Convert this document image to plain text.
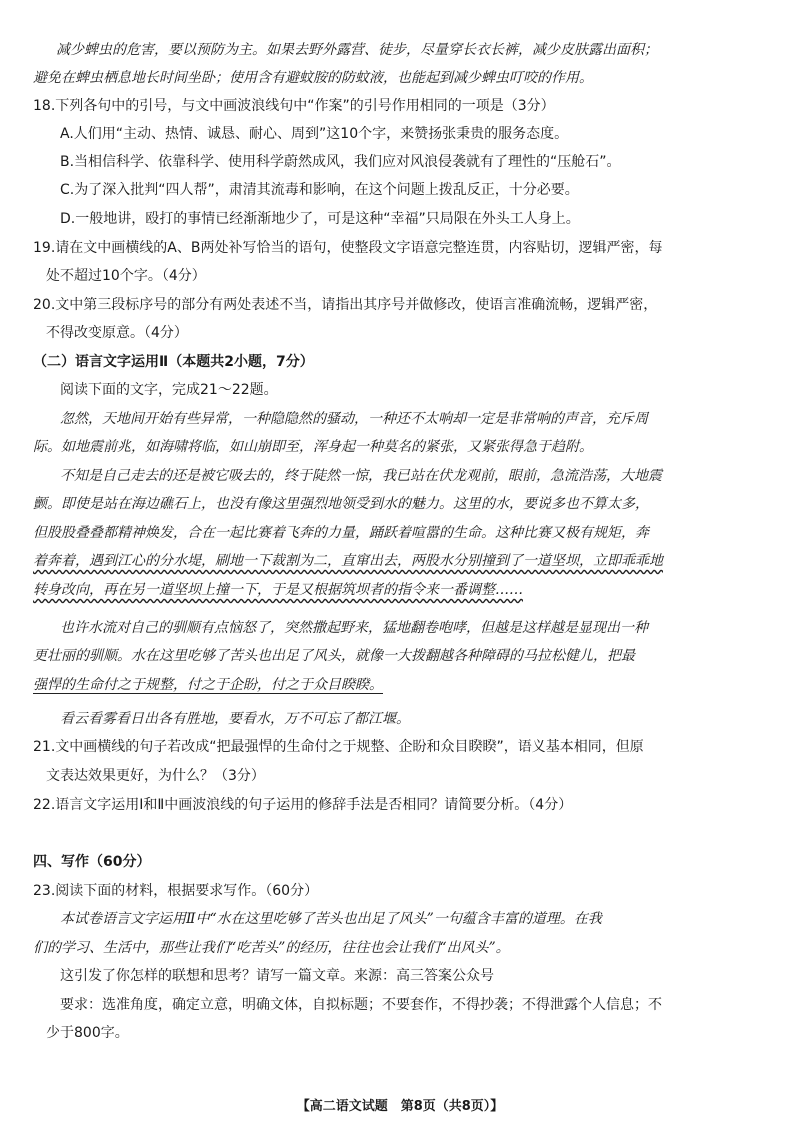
减少蜱虫的危害，要以预防为主。如果去野外露营、徒步，尽量穿长衣长裤，减少皮肤露出面积；
避免在蜱虫栖息地长时间坐卧；使用含有避蚊胺的防蚊液，也能起到减少蜱虫叮咬的作用。
18.下列各句中的引号，与文中画波浪线句中“作案”的引号作用相同的一项是（3分）
A.人们用“主动、热情、诚恳、耐心、周到”这10个字，来赞扬张秉贵的服务态度。
B.当相信科学、依靠科学、使用科学蔚然成风，我们应对风浪侵袭就有了理性的“压舱石”。
C.为了深入批判“四人帮”，肃清其流毒和影响，在这个问题上拨乱反正，十分必要。
D.一般地讲，殴打的事情已经渐渐地少了，可是这种“幸福”只局限在外头工人身上。
19.请在文中画横线的A、B两处补写恰当的语句，使整段文字语意完整连贯，内容贴切，逻辑严密，每
处不超过10个字。（4分）
20.文中第三段标序号的部分有两处表述不当，请指出其序号并做修改，使语言准确流畅，逻辑严密，
不得改变原意。（4分）
（二）语言文字运用Ⅱ（本题共2小题，7分）
阅读下面的文字，完成21～22题。
忽然，天地间开始有些异常，一种隐隐然的骚动，一种还不太响却一定是非常响的声音，充斥周
际。如地震前兆，如海啸将临，如山崩即至，浑身起一种莫名的紧张，又紧张得急于趋附。
不知是自己走去的还是被它吸去的，终于陡然一惊，我已站在伏龙观前，眼前，急流浩荡，大地震
颤。即使是站在海边礁石上，也没有像这里强烈地领受到水的魅力。这里的水，要说多也不算太多，
但股股叠叠都精神焕发，合在一起比赛着飞奔的力量，踊跃着喧嚣的生命。这种比赛又极有规矩，奔
着奔着，遇到江心的分水堤，刷地一下裁割为二，直窜出去，两股水分别撞到了一道坚坝，立即乖乖地
转身改向，再在另一道坚坝上撞一下，于是又根据筑坝者的指令来一番调整……
也许水流对自己的驯顺有点恼怒了，突然撒起野来，猛地翻卷咆哮，但越是这样越是显现出一种
更壮丽的驯顺。水在这里吃够了苦头也出足了风头，就像一大拨翻越各种障碍的马拉松健儿，把最
强悍的生命付之于规整，付之于企盼，付之于众目睽睽。
看云看雾看日出各有胜地，要看水，万不可忘了都江堰。
21.文中画横线的句子若改成“把最强悍的生命付之于规整、企盼和众目睽睽”，语义基本相同，但原
文表达效果更好，为什么？（3分）
22.语言文字运用Ⅰ和Ⅱ中画波浪线的句子运用的修辞手法是否相同？请简要分析。（4分）
四、写作（60分）
23.阅读下面的材料，根据要求写作。（60分）
本试卷语言文字运用Ⅱ中“水在这里吃够了苦头也出足了风头”一句蕴含丰富的道理。在我
们的学习、生活中，那些让我们“吃苦头”的经历，往往也会让我们“出风头”。
这引发了你怎样的联想和思考？请写一篇文章。来源：高三答案公众号
要求：选准角度，确定立意，明确文体，自拟标题；不要套作，不得抄袭；不得泄露个人信息；不
少于800字。
【高二语文试题　第8页（共8页）】
